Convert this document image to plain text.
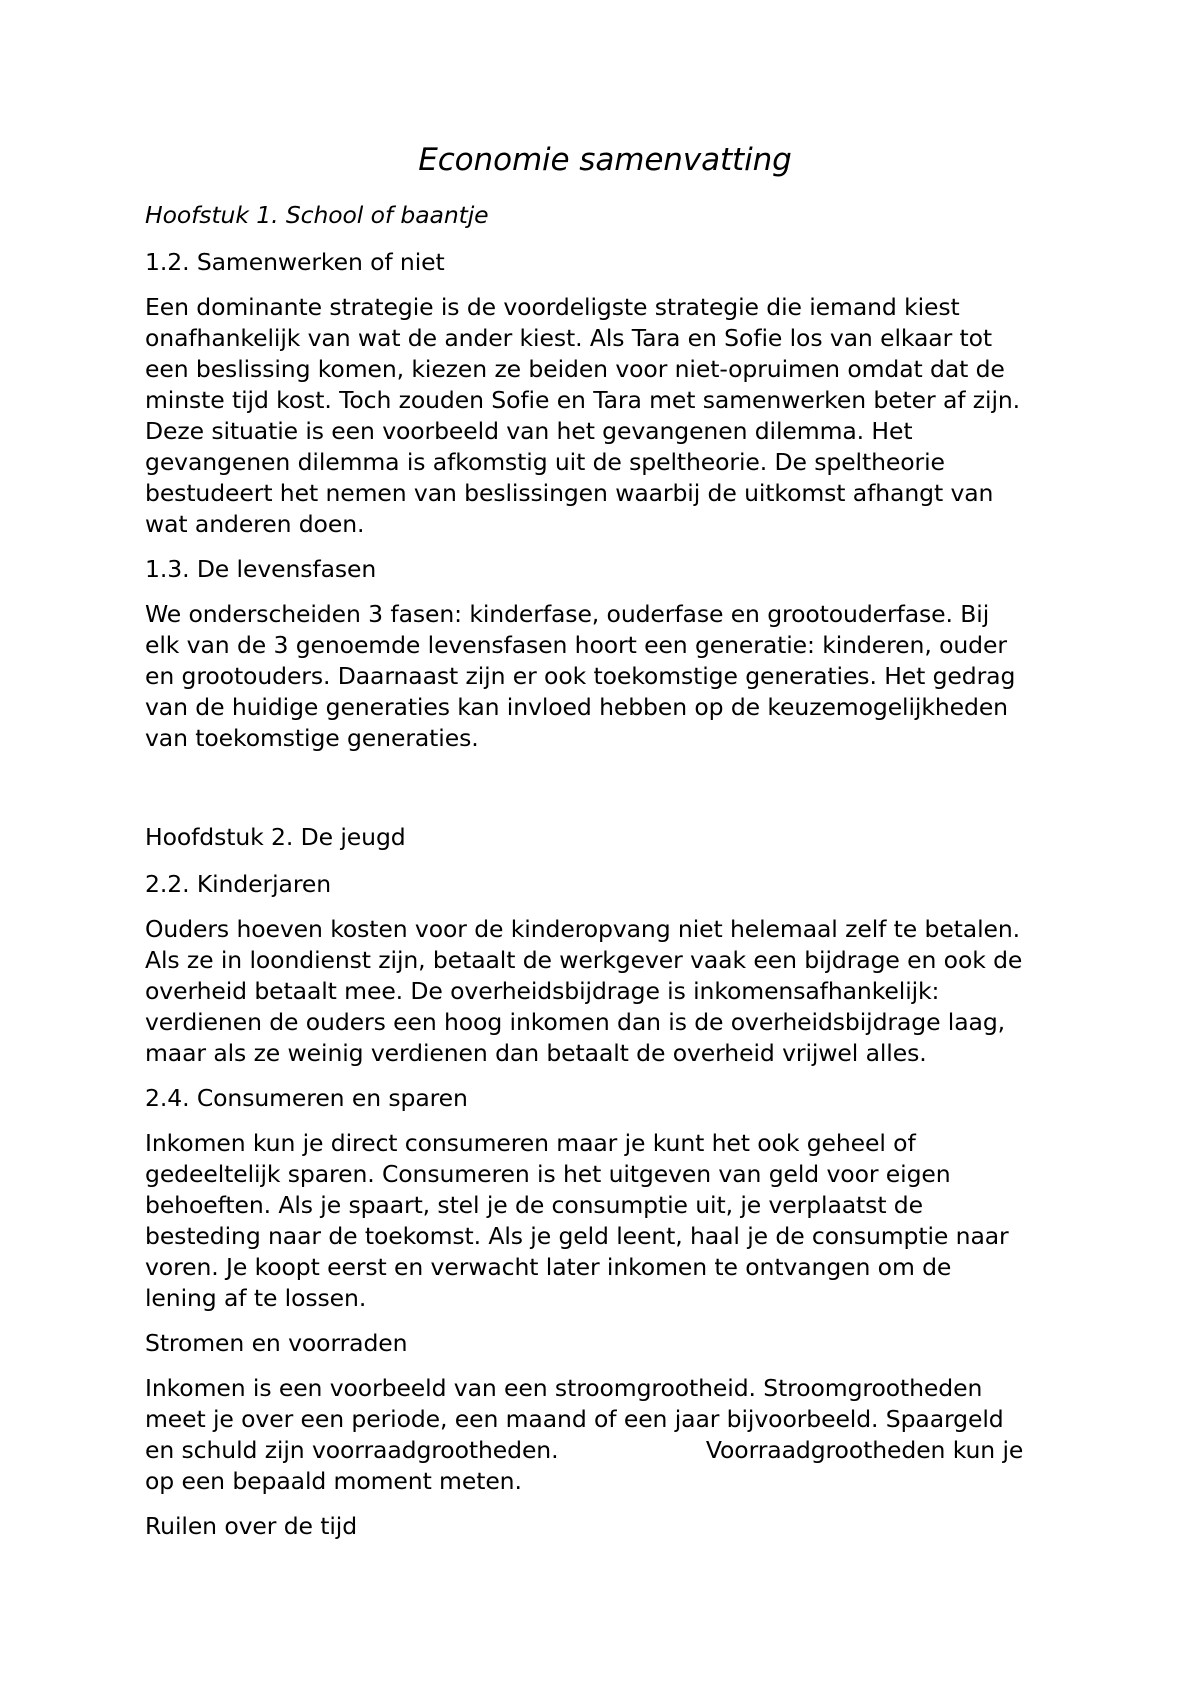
Economie samenvatting
Hoofstuk 1. School of baantje
1.2. Samenwerken of niet
Een dominante strategie is de voordeligste strategie die iemand kiest
onafhankelijk van wat de ander kiest. Als Tara en Sofie los van elkaar tot
een beslissing komen, kiezen ze beiden voor niet-opruimen omdat dat de
minste tijd kost. Toch zouden Sofie en Tara met samenwerken beter af zijn.
Deze situatie is een voorbeeld van het gevangenen dilemma. Het
gevangenen dilemma is afkomstig uit de speltheorie. De speltheorie
bestudeert het nemen van beslissingen waarbij de uitkomst afhangt van
wat anderen doen.
1.3. De levensfasen
We onderscheiden 3 fasen: kinderfase, ouderfase en grootouderfase. Bij
elk van de 3 genoemde levensfasen hoort een generatie: kinderen, ouder
en grootouders. Daarnaast zijn er ook toekomstige generaties. Het gedrag
van de huidige generaties kan invloed hebben op de keuzemogelijkheden
van toekomstige generaties.
Hoofdstuk 2. De jeugd
2.2. Kinderjaren
Ouders hoeven kosten voor de kinderopvang niet helemaal zelf te betalen.
Als ze in loondienst zijn, betaalt de werkgever vaak een bijdrage en ook de
overheid betaalt mee. De overheidsbijdrage is inkomensafhankelijk:
verdienen de ouders een hoog inkomen dan is de overheidsbijdrage laag,
maar als ze weinig verdienen dan betaalt de overheid vrijwel alles.
2.4. Consumeren en sparen
Inkomen kun je direct consumeren maar je kunt het ook geheel of
gedeeltelijk sparen. Consumeren is het uitgeven van geld voor eigen
behoeften. Als je spaart, stel je de consumptie uit, je verplaatst de
besteding naar de toekomst. Als je geld leent, haal je de consumptie naar
voren. Je koopt eerst en verwacht later inkomen te ontvangen om de
lening af te lossen.
Stromen en voorraden
Inkomen is een voorbeeld van een stroomgrootheid. Stroomgrootheden
meet je over een periode, een maand of een jaar bijvoorbeeld. Spaargeld
en schuld zijn voorraadgrootheden.                    Voorraadgrootheden kun je
op een bepaald moment meten.
Ruilen over de tijd
